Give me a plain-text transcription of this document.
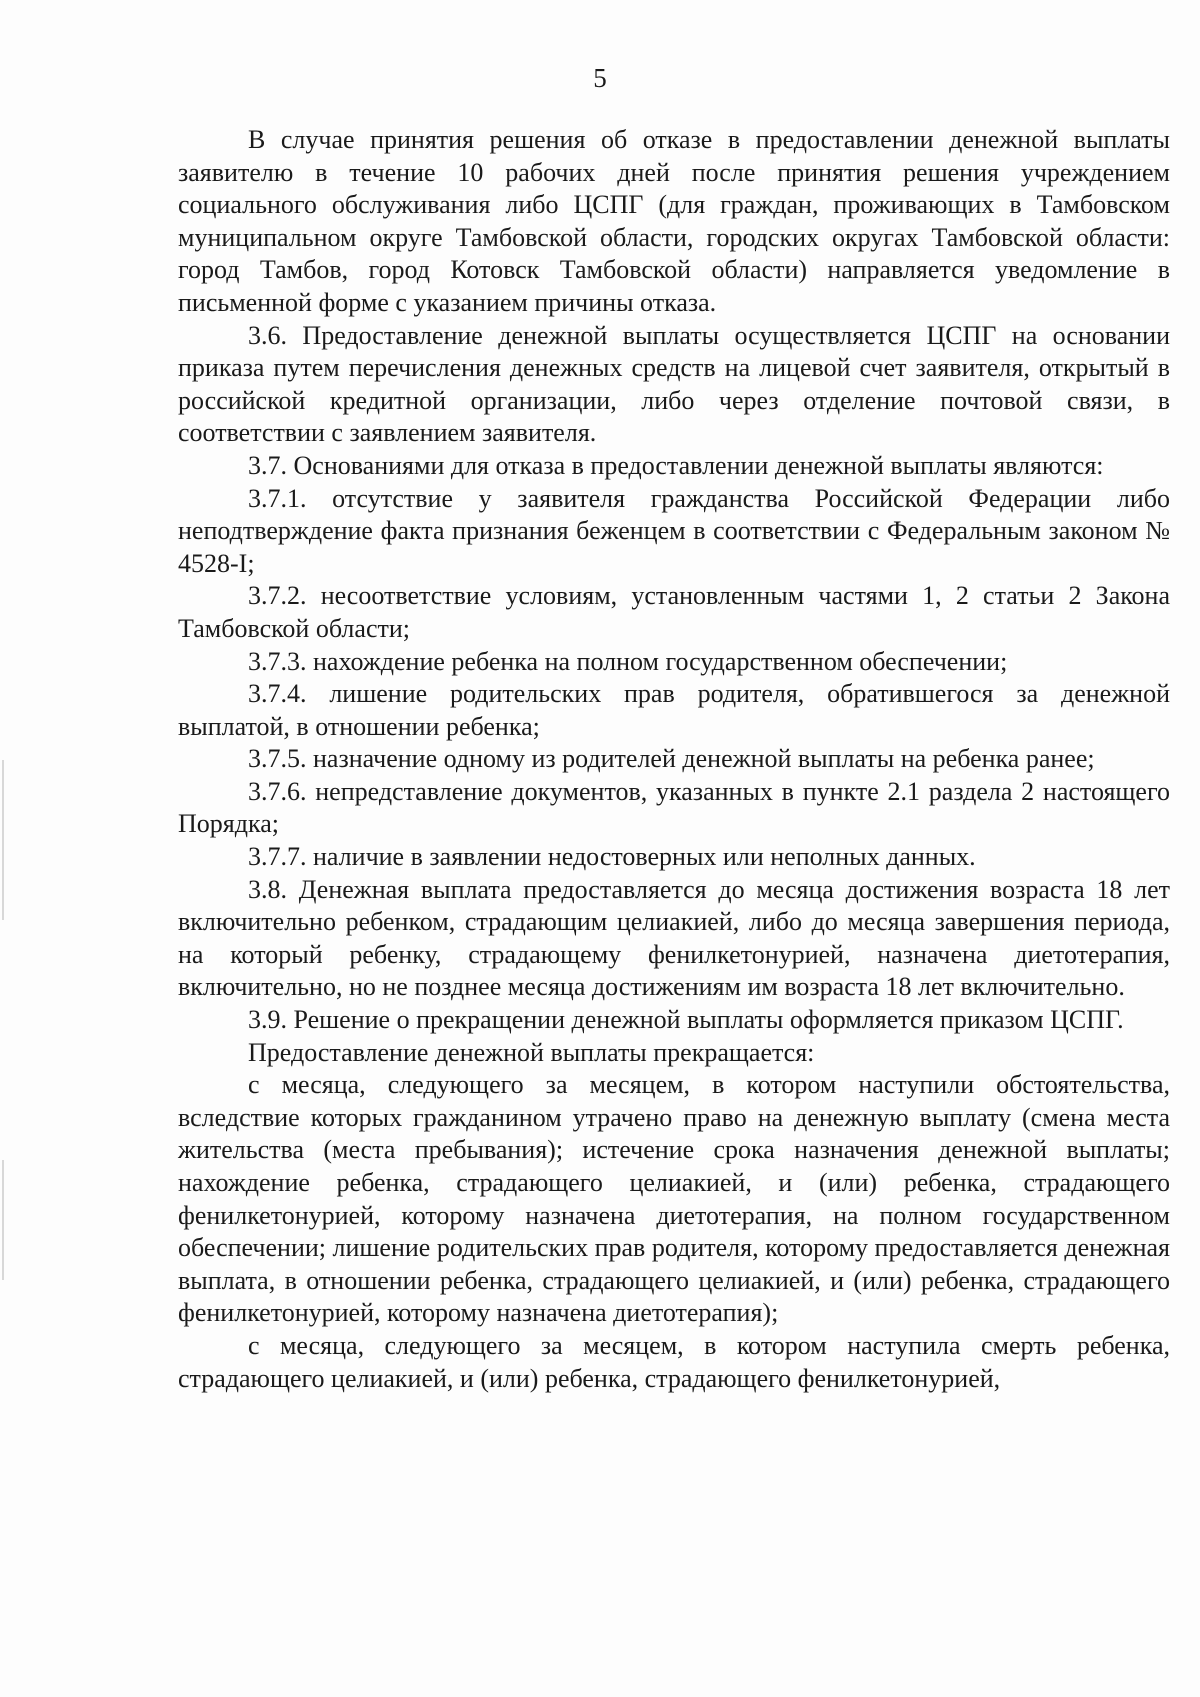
5

В случае принятия решения об отказе в предоставлении денежной выплаты заявителю в течение 10 рабочих дней после принятия решения учреждением социального обслуживания либо ЦСПГ (для граждан, проживающих в Тамбовском муниципальном округе Тамбовской области, городских округах Тамбовской области: город Тамбов, город Котовск Тамбовской области) направляется уведомление в письменной форме с указанием причины отказа.

3.6. Предоставление денежной выплаты осуществляется ЦСПГ на основании приказа путем перечисления денежных средств на лицевой счет заявителя, открытый в российской кредитной организации, либо через отделение почтовой связи, в соответствии с заявлением заявителя.

3.7. Основаниями для отказа в предоставлении денежной выплаты являются:

3.7.1. отсутствие у заявителя гражданства Российской Федерации либо неподтверждение факта признания беженцем в соответствии с Федеральным законом № 4528-I;

3.7.2. несоответствие условиям, установленным частями 1, 2 статьи 2 Закона Тамбовской области;

3.7.3. нахождение ребенка на полном государственном обеспечении;

3.7.4. лишение родительских прав родителя, обратившегося за денежной выплатой, в отношении ребенка;

3.7.5. назначение одному из родителей денежной выплаты на ребенка ранее;

3.7.6. непредставление документов, указанных в пункте 2.1 раздела 2 настоящего Порядка;

3.7.7. наличие в заявлении недостоверных или неполных данных.

3.8. Денежная выплата предоставляется до месяца достижения возраста 18 лет включительно ребенком, страдающим целиакией, либо до месяца завершения периода, на который ребенку, страдающему фенилкетонурией, назначена диетотерапия, включительно, но не позднее месяца достижениям им возраста 18 лет включительно.

3.9. Решение о прекращении денежной выплаты оформляется приказом ЦСПГ.

Предоставление денежной выплаты прекращается:

с месяца, следующего за месяцем, в котором наступили обстоятельства, вследствие которых гражданином утрачено право на денежную выплату (смена места жительства (места пребывания); истечение срока назначения денежной выплаты; нахождение ребенка, страдающего целиакией, и (или) ребенка, страдающего фенилкетонурией, которому назначена диетотерапия, на полном государственном обеспечении; лишение родительских прав родителя, которому предоставляется денежная выплата, в отношении ребенка, страдающего целиакией, и (или) ребенка, страдающего фенилкетонурией, которому назначена диетотерапия);

с месяца, следующего за месяцем, в котором наступила смерть ребенка, страдающего целиакией, и (или) ребенка, страдающего фенилкетонурией,
